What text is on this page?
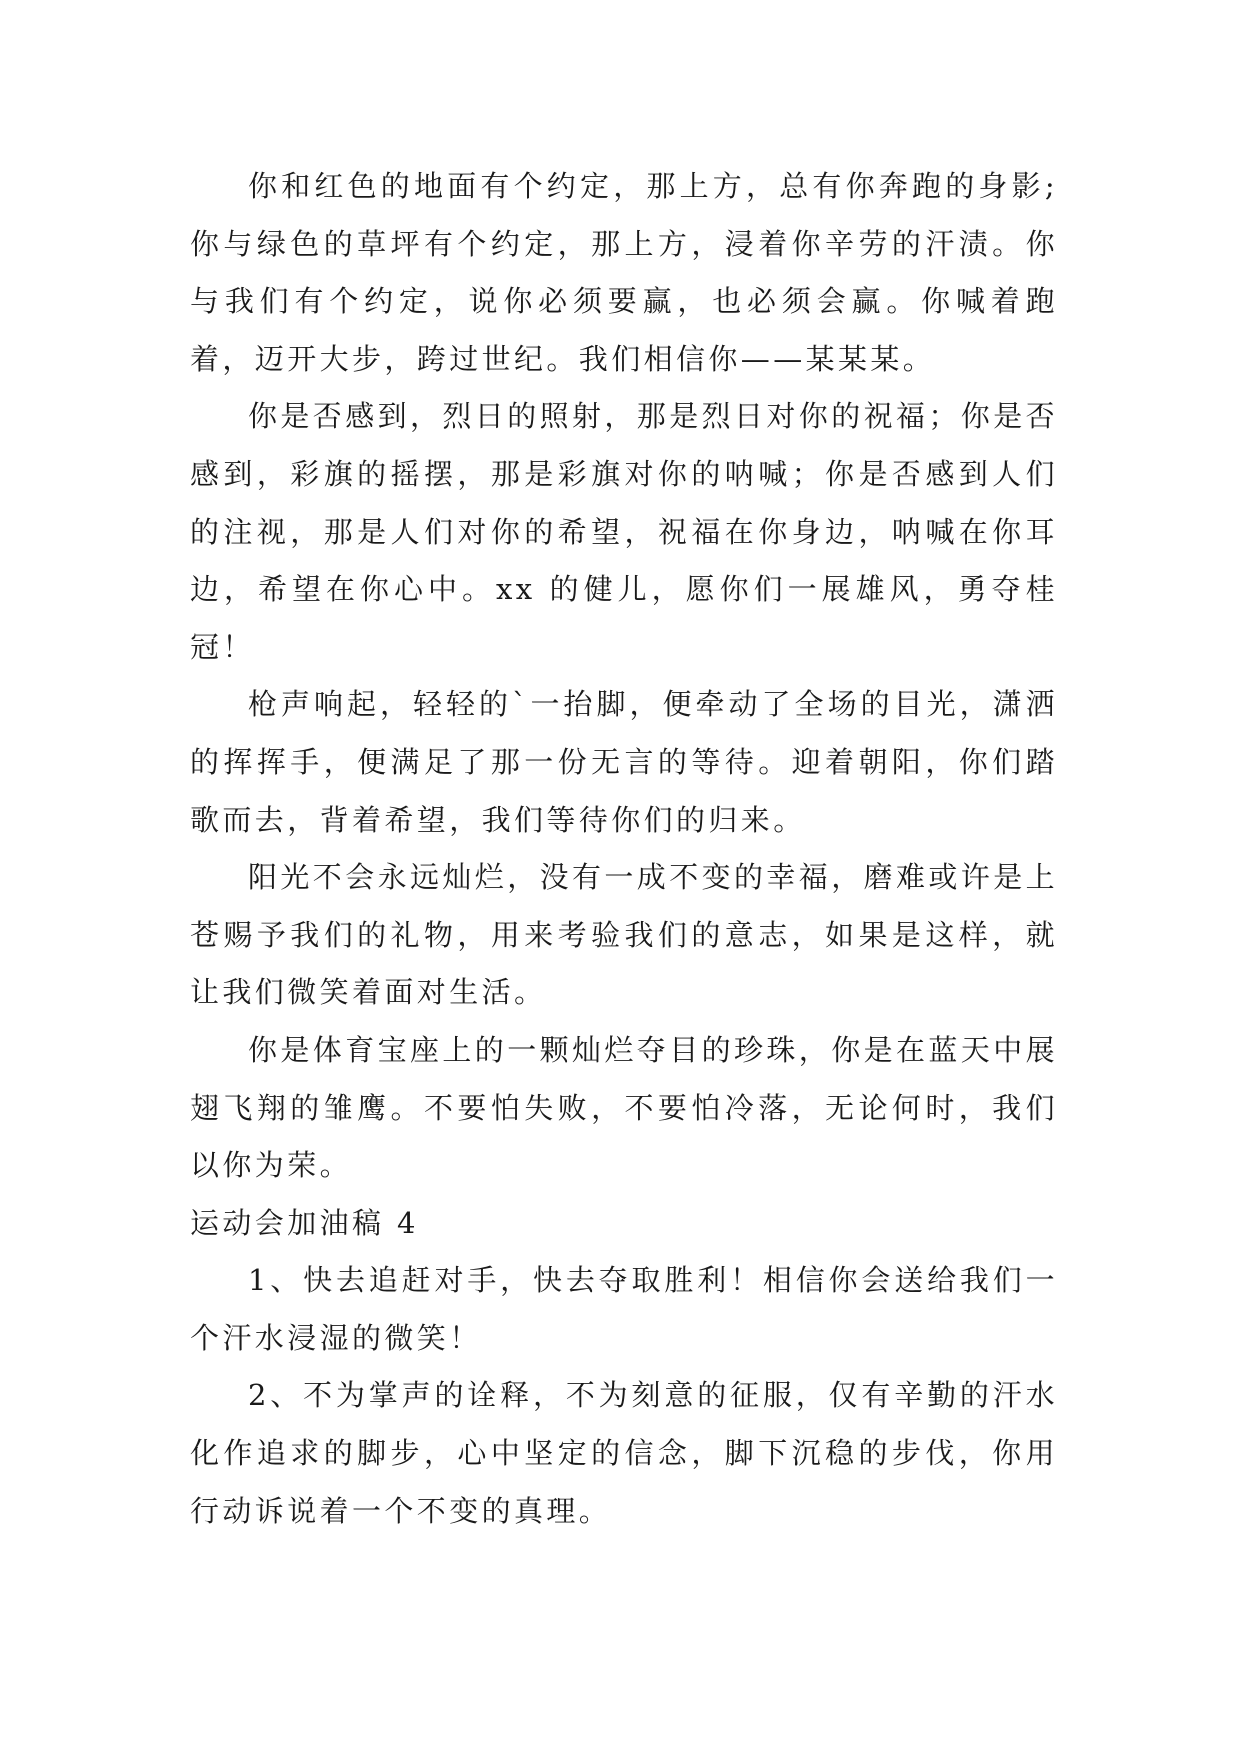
你和红色的地面有个约定，那上方，总有你奔跑的身影;你与绿色的草坪有个约定，那上方，浸着你辛劳的汗渍。你与我们有个约定，说你必须要赢，也必须会赢。你喊着跑着，迈开大步，跨过世纪。我们相信你——某某某。

你是否感到，烈日的照射，那是烈日对你的祝福；你是否感到，彩旗的摇摆，那是彩旗对你的呐喊；你是否感到人们的注视，那是人们对你的希望，祝福在你身边，呐喊在你耳边，希望在你心中。xx 的健儿，愿你们一展雄风，勇夺桂冠！

枪声响起，轻轻的`一抬脚，便牵动了全场的目光，潇洒的挥挥手，便满足了那一份无言的等待。迎着朝阳，你们踏歌而去，背着希望，我们等待你们的归来。

阳光不会永远灿烂，没有一成不变的幸福，磨难或许是上苍赐予我们的礼物，用来考验我们的意志，如果是这样，就让我们微笑着面对生活。

你是体育宝座上的一颗灿烂夺目的珍珠，你是在蓝天中展翅飞翔的雏鹰。不要怕失败，不要怕冷落，无论何时，我们以你为荣。

运动会加油稿 4

1、快去追赶对手，快去夺取胜利！相信你会送给我们一个汗水浸湿的微笑！

2、不为掌声的诠释，不为刻意的征服，仅有辛勤的汗水化作追求的脚步，心中坚定的信念，脚下沉稳的步伐，你用行动诉说着一个不变的真理。
